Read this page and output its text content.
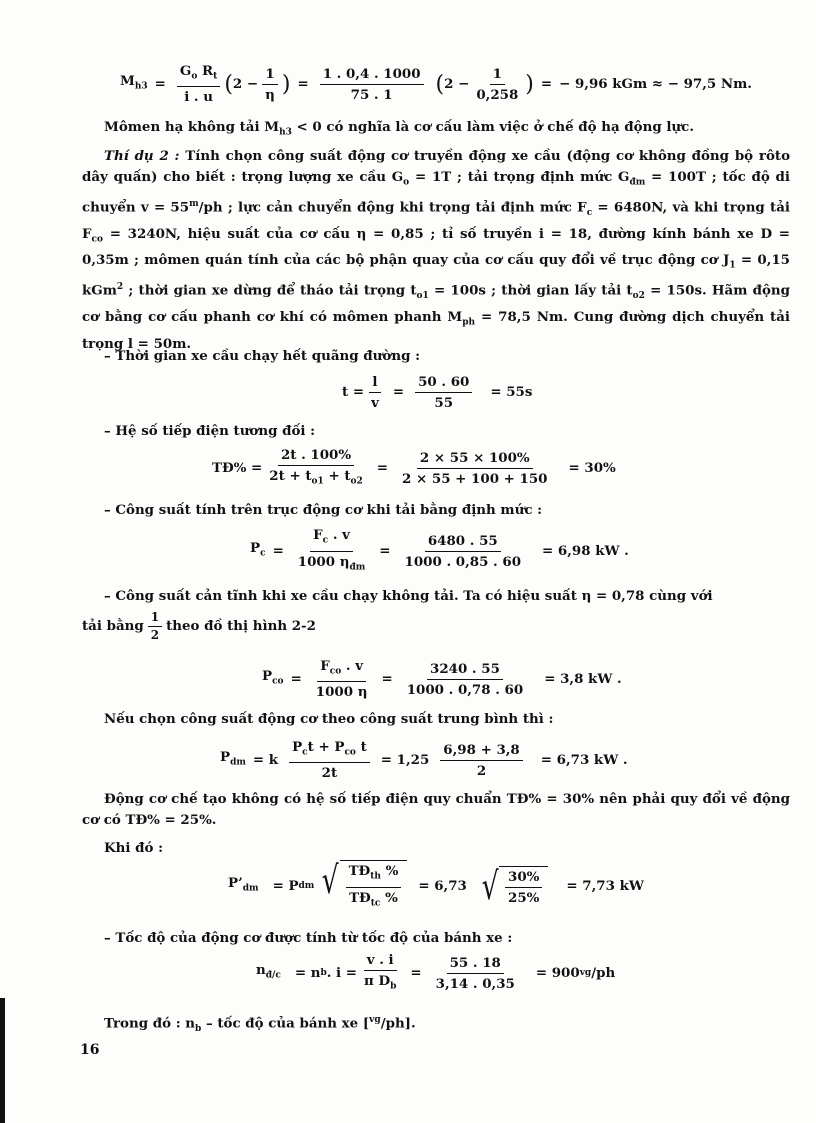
$M_{h3} = \frac{G_o R_t}{i . u}$ ( $2 - \frac{1}{\eta}$ ) = $\frac{1 . 0,4 . 1000}{75 . 1}$ ( $2 - \frac{1}{0,258}$ ) = − 9,96 kGm ≈ − 97,5 Nm.
Mômen hạ không tải $M_{h3} < 0$ có nghĩa là cơ cấu làm việc ở chế độ hạ động lực.
Thí dụ 2 : Tính chọn công suất động cơ truyền động xe cầu (động cơ không đồng bộ rôto dây quấn) cho biết : trọng lượng xe cầu $G_o = 1T$ ; tải trọng định mức $G_{đm} = 100T$ ; tốc độ di chuyển $v = 55^m/ph$ ; lực cản chuyển động khi trọng tải định mức $F_c = 6480N$, và khi trọng tải $F_{co} = 3240N$, hiệu suất của cơ cấu η = 0,85 ; tỉ số truyền i = 18, đường kính bánh xe D = 0,35m ; mômen quán tính của các bộ phận quay của cơ cấu quy đổi về trục động cơ $J_1 = 0,15$ kGm$^2$ ; thời gian xe dừng để tháo tải trọng $t_{o1} = 100s$ ; thời gian lấy tải $t_{o2} = 150s$. Hãm động cơ bằng cơ cấu phanh cơ khí có mômen phanh $M_{ph} = 78,5$ Nm. Cung đường dịch chuyển tải trọng l = 50m.
– Thời gian xe cầu chạy hết quãng đường :
$t = \frac{l}{v} = \frac{50 . 60}{55} = 55s$
– Hệ số tiếp điện tương đối :
TĐ% = $\frac{2t . 100\%}{2t + t_{o1} + t_{o2}} = \frac{2 \times 55 \times 100\%}{2 \times 55 + 100 + 150} = 30\%$
– Công suất tính trên trục động cơ khi tải bằng định mức :
$P_c = \frac{F_c . v}{1000 \eta_{đm}} = \frac{6480 . 55}{1000 . 0,85 . 60} = 6,98$ kW .
– Công suất cản tĩnh khi xe cầu chạy không tải. Ta có hiệu suất η = 0,78 cùng với
tải bằng $\frac{1}{2}$ theo đồ thị hình 2-2
$P_{co} = \frac{F_{co} . v}{1000 \eta} = \frac{3240 . 55}{1000 . 0,78 . 60} = 3,8$ kW .
Nếu chọn công suất động cơ theo công suất trung bình thì :
$P_{dm} = k \frac{P_ct + P_{co} t}{2t} = 1,25 \frac{6,98 + 3,8}{2} = 6,73$ kW .
Động cơ chế tạo không có hệ số tiếp điện quy chuẩn TĐ% = 30% nên phải quy đổi về động cơ có TĐ% = 25%.
Khi đó :
$P’_{dm} = P$ dm √ $\frac{TĐ_{th} \%}{TĐ_{tc} \%} = 6,73$ √ $\frac{30\%}{25\%} = 7,73$ kW
– Tốc độ của động cơ được tính từ tốc độ của bánh xe :
$n_{đ/c} = n$ b . $i = \frac{v . i}{\pi D_b} = \frac{55 . 18}{3,14 . 0,35} = 900$ vg /ph
Trong đó : $n_b$ – tốc độ của bánh xe [$^{vg}$/ph].
16
